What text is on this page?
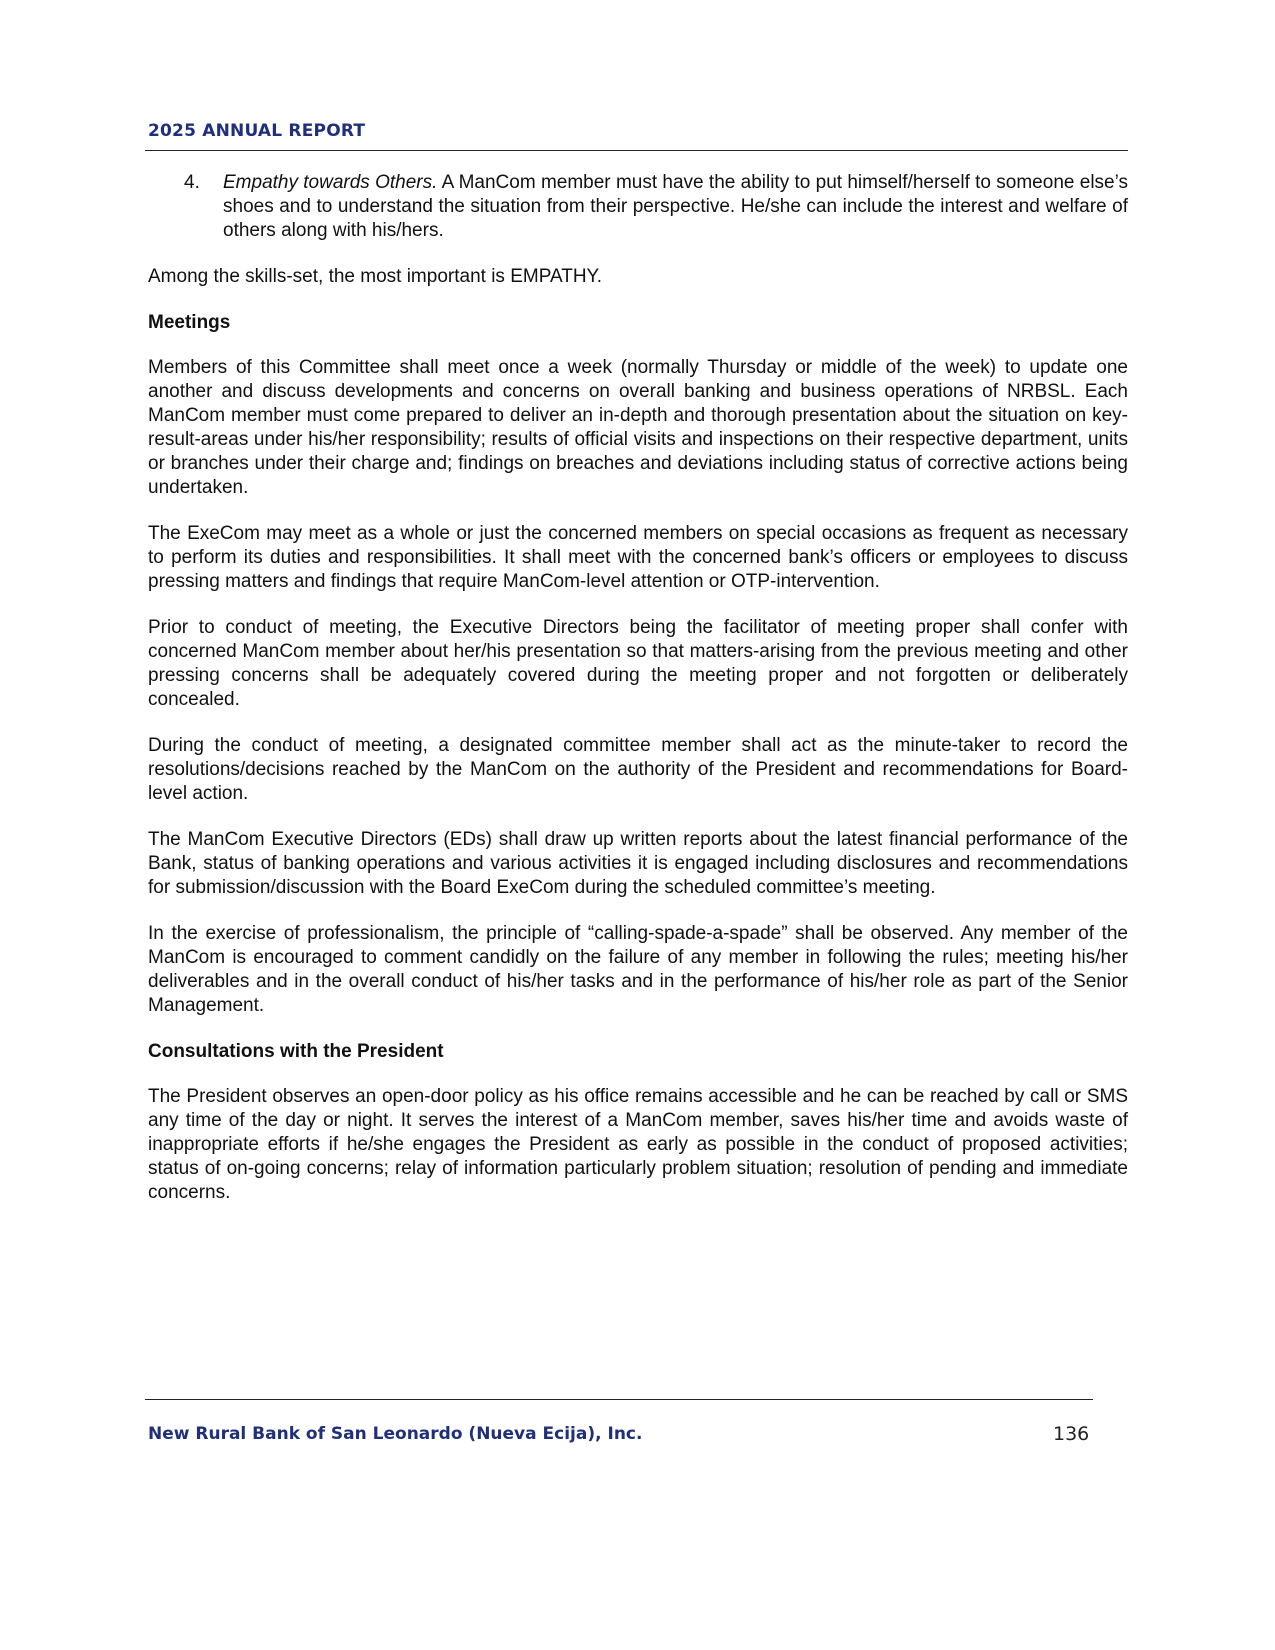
2025 ANNUAL REPORT

4. Empathy towards Others. A ManCom member must have the ability to put himself/herself to someone else’s shoes and to understand the situation from their perspective. He/she can include the interest and welfare of others along with his/hers.

Among the skills-set, the most important is EMPATHY.

Meetings

Members of this Committee shall meet once a week (normally Thursday or middle of the week) to update one another and discuss developments and concerns on overall banking and business operations of NRBSL. Each ManCom member must come prepared to deliver an in-depth and thorough presentation about the situation on key-result-areas under his/her responsibility; results of official visits and inspections on their respective department, units or branches under their charge and; findings on breaches and deviations including status of corrective actions being undertaken.

The ExeCom may meet as a whole or just the concerned members on special occasions as frequent as necessary to perform its duties and responsibilities. It shall meet with the concerned bank’s officers or employees to discuss pressing matters and findings that require ManCom-level attention or OTP-intervention.

Prior to conduct of meeting, the Executive Directors being the facilitator of meeting proper shall confer with concerned ManCom member about her/his presentation so that matters-arising from the previous meeting and other pressing concerns shall be adequately covered during the meeting proper and not forgotten or deliberately concealed.

During the conduct of meeting, a designated committee member shall act as the minute-taker to record the resolutions/decisions reached by the ManCom on the authority of the President and recommendations for Board-level action.

The ManCom Executive Directors (EDs) shall draw up written reports about the latest financial performance of the Bank, status of banking operations and various activities it is engaged including disclosures and recommendations for submission/discussion with the Board ExeCom during the scheduled committee’s meeting.

In the exercise of professionalism, the principle of “calling-spade-a-spade” shall be observed. Any member of the ManCom is encouraged to comment candidly on the failure of any member in following the rules; meeting his/her deliverables and in the overall conduct of his/her tasks and in the performance of his/her role as part of the Senior Management.

Consultations with the President

The President observes an open-door policy as his office remains accessible and he can be reached by call or SMS any time of the day or night. It serves the interest of a ManCom member, saves his/her time and avoids waste of inappropriate efforts if he/she engages the President as early as possible in the conduct of proposed activities; status of on-going concerns; relay of information particularly problem situation; resolution of pending and immediate concerns.

New Rural Bank of San Leonardo (Nueva Ecija), Inc.	136
